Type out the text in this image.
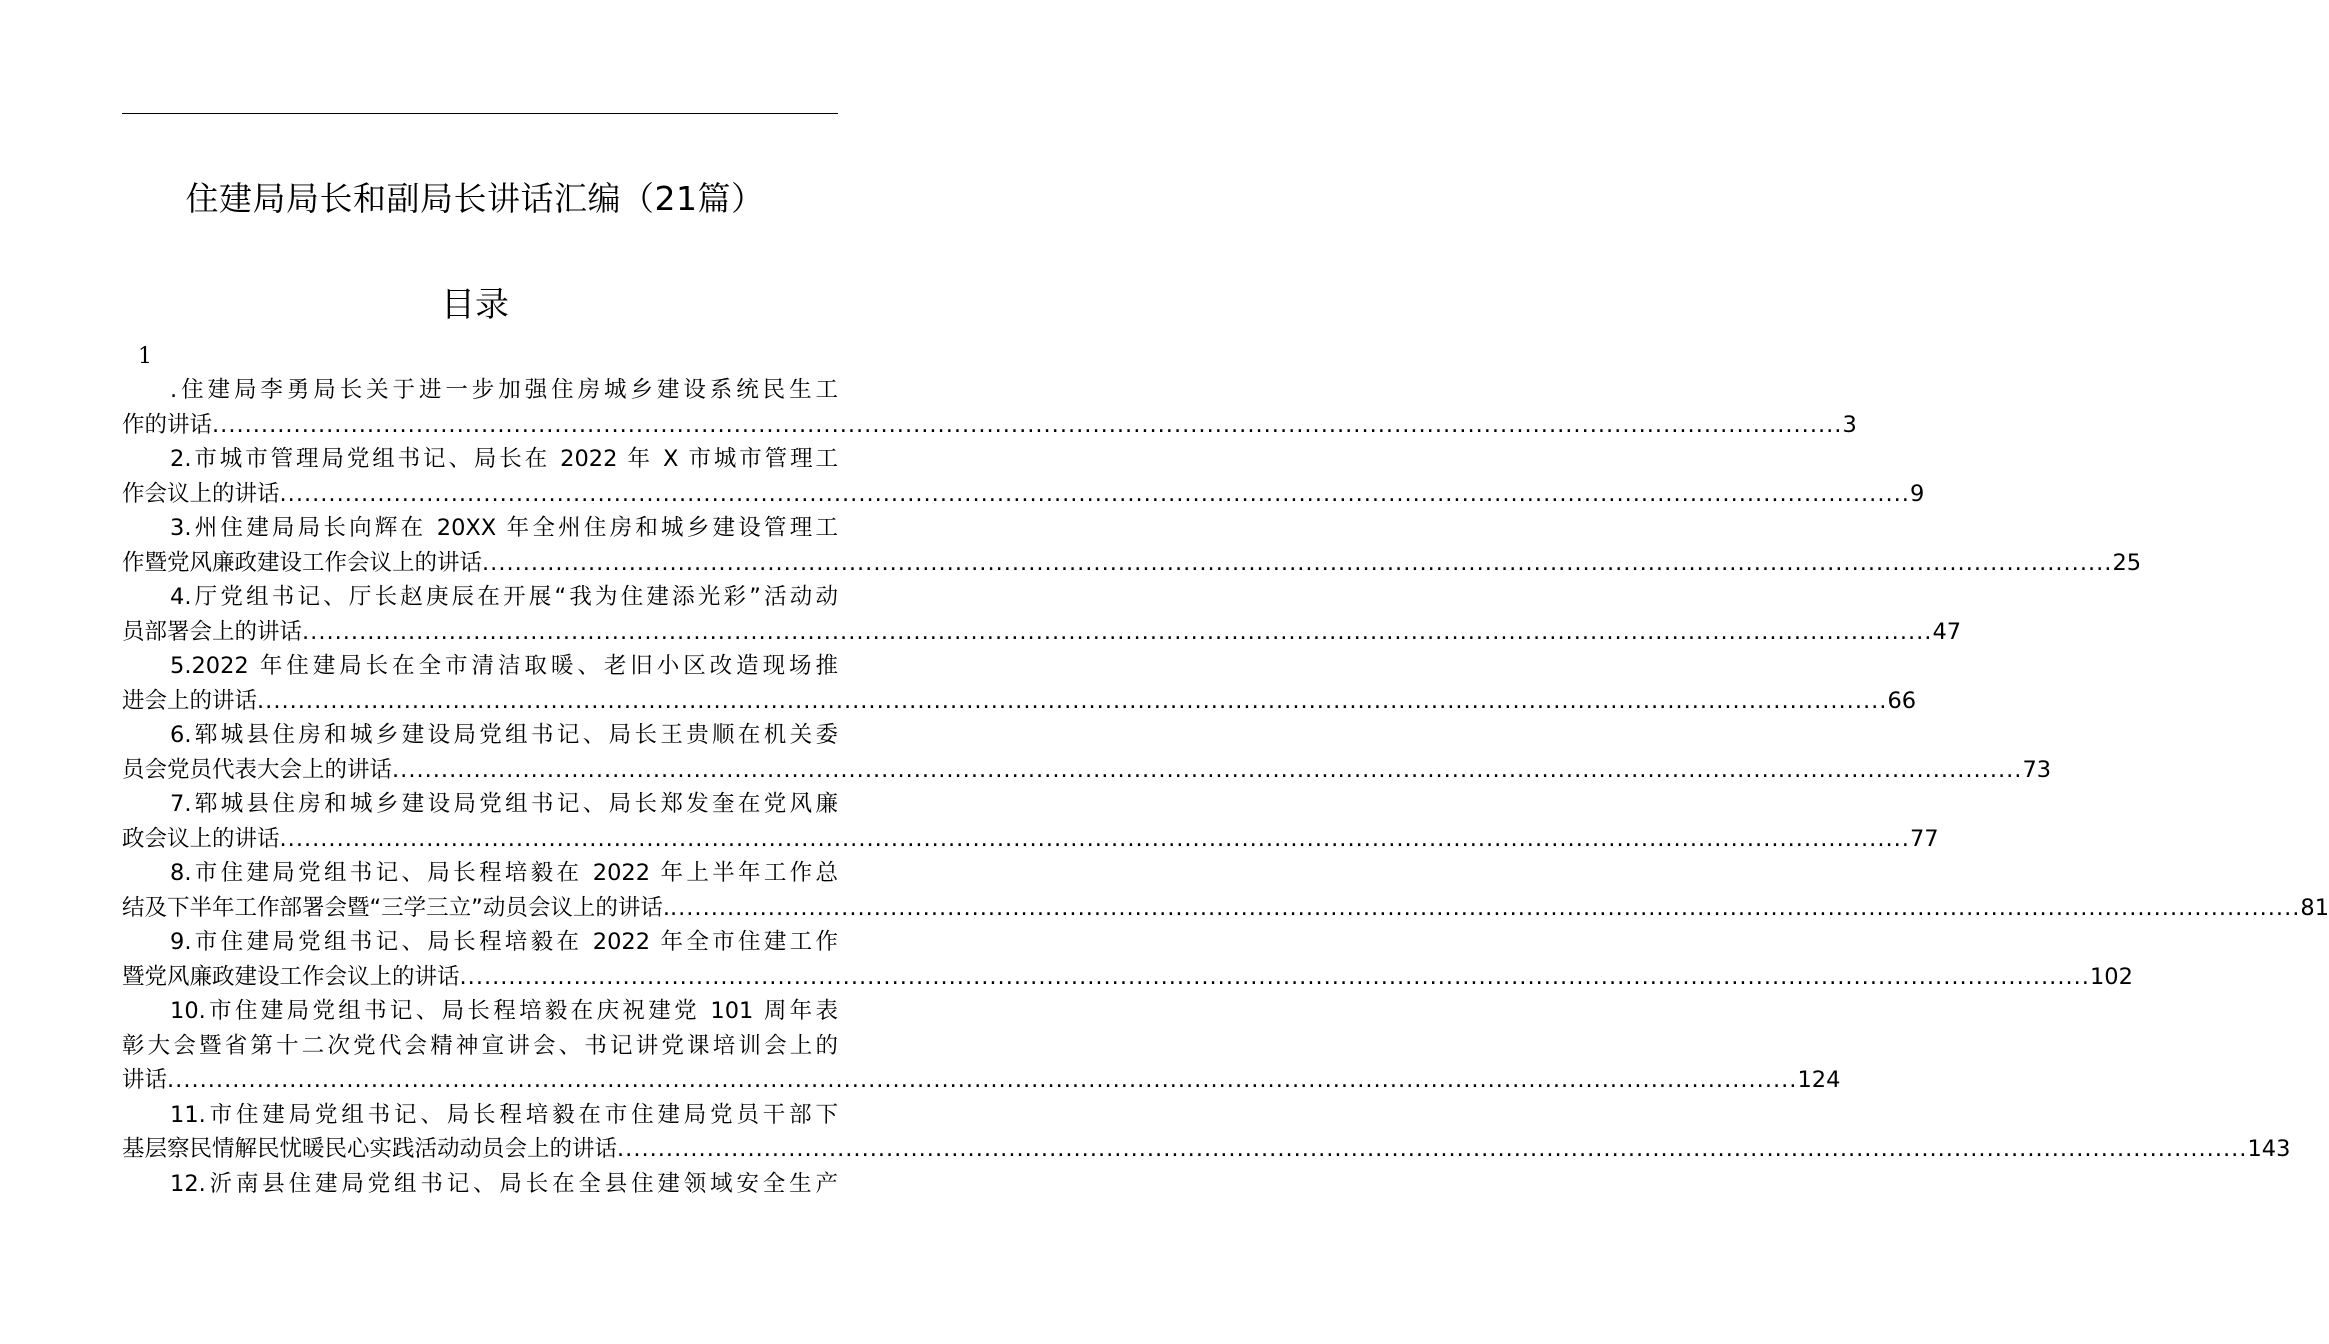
住建局局长和副局长讲话汇编（21篇）
目录
1
.住建局李勇局长关于进一步加强住房城乡建设系统民生工
作的讲话 ........................................................................................................................................................................................................ 3
2.市城市管理局党组书记、局长在 2022 年 X 市城市管理工
作会议上的讲话 ........................................................................................................................................................................................................ 9
3.州住建局局长向辉在 20XX 年全州住房和城乡建设管理工
作暨党风廉政建设工作会议上的讲话 ........................................................................................................................................................................................................ 25
4.厅党组书记、厅长赵庚辰在开展“我为住建添光彩”活动动
员部署会上的讲话 ........................................................................................................................................................................................................ 47
5.2022 年住建局长在全市清洁取暖、老旧小区改造现场推
进会上的讲话 ........................................................................................................................................................................................................ 66
6.郓城县住房和城乡建设局党组书记、局长王贵顺在机关委
员会党员代表大会上的讲话 ........................................................................................................................................................................................................ 73
7.郓城县住房和城乡建设局党组书记、局长郑发奎在党风廉
政会议上的讲话 ........................................................................................................................................................................................................ 77
8.市住建局党组书记、局长程培毅在 2022 年上半年工作总
结及下半年工作部署会暨“三学三立”动员会议上的讲话. ........................................................................................................................................................................................................ 81
9.市住建局党组书记、局长程培毅在 2022 年全市住建工作
暨党风廉政建设工作会议上的讲话 ........................................................................................................................................................................................................ 102
10.市住建局党组书记、局长程培毅在庆祝建党 101 周年表
彰大会暨省第十二次党代会精神宣讲会、书记讲党课培训会上的
讲话 ........................................................................................................................................................................................................ 124
11.市住建局党组书记、局长程培毅在市住建局党员干部下
基层察民情解民忧暖民心实践活动动员会上的讲话 ........................................................................................................................................................................................................ 143
12.沂南县住建局党组书记、局长在全县住建领域安全生产
